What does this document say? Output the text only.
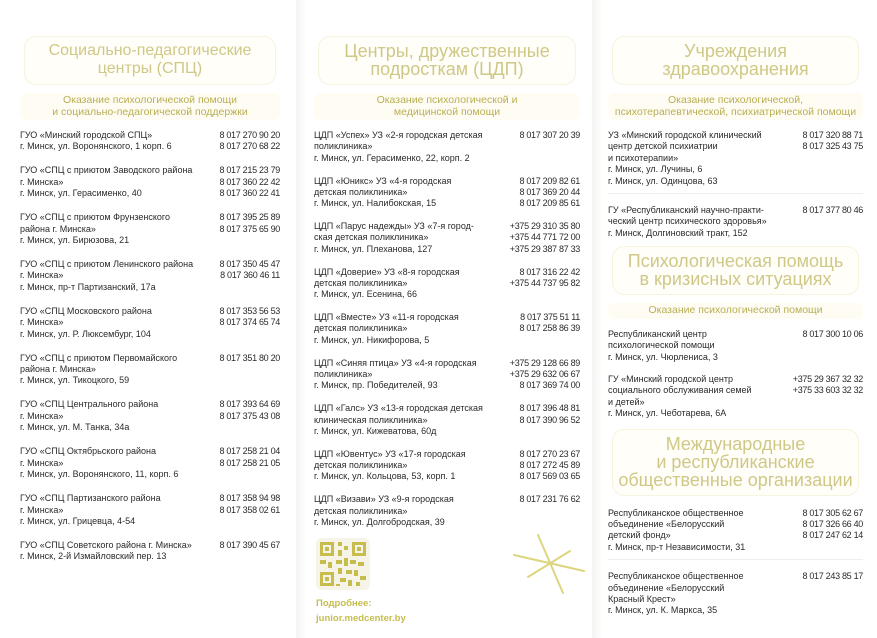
Социально-педагогические
центры (СПЦ)
Оказание психологической помощи
и социально-педагогической поддержки
ГУО «Минский городской СПЦ»
г. Минск, ул. Воронянского, 1 корп. 6
8 017 270 90 20
8 017 270 68 22
ГУО «СПЦ с приютом Заводского района
г. Минска»
г. Минск, ул. Герасименко, 40
8 017 215 23 79
8 017 360 22 42
8 017 360 22 41
ГУО «СПЦ с приютом Фрунзенского
района г. Минска»
г. Минск, ул. Бирюзова, 21
8 017 395 25 89
8 017 375 65 90
ГУО «СПЦ с приютом Ленинского района
г. Минска»
г. Минск, пр-т Партизанский, 17а
8 017 350 45 47
8 017 360 46 11
ГУО «СПЦ Московского района
г. Минска»
г. Минск, ул. Р. Люксембург, 104
8 017 353 56 53
8 017 374 65 74
ГУО «СПЦ с приютом Первомайского
района г. Минска»
г. Минск, ул. Тикоцкого, 59
8 017 351 80 20
ГУО «СПЦ Центрального района
г. Минска»
г. Минск, ул. М. Танка, 34а
8 017 393 64 69
8 017 375 43 08
ГУО «СПЦ Октябрьского района
г. Минска»
г. Минск, ул. Воронянского, 11, корп. 6
8 017 258 21 04
8 017 258 21 05
ГУО «СПЦ Партизанского района
г. Минска»
г. Минск, ул. Грицевца, 4-54
8 017 358 94 98
8 017 358 02 61
ГУО «СПЦ Советского района г. Минска»
г. Минск, 2-й Измайловский пер. 13
8 017 390 45 67
Центры, дружественные
подросткам (ЦДП)
Оказание психологической и
медицинской помощи
ЦДП «Успех» УЗ «2-я городская детская
поликлиника»
г. Минск, ул. Герасименко, 22, корп. 2
8 017 307 20 39
ЦДП «Юникс» УЗ «4-я городская
детская поликлиника»
г. Минск, ул. Налибокская, 15
8 017 209 82 61
8 017 369 20 44
8 017 209 85 61
ЦДП «Парус надежды» УЗ «7-я город-
ская детская поликлиника»
г. Минск, ул. Плеханова, 127
+375 29 310 35 80
+375 44 771 72 00
+375 29 387 87 33
ЦДП «Доверие» УЗ «8-я городская
детская поликлиника»
г. Минск, ул. Есенина, 66
8 017 316 22 42
+375 44 737 95 82
ЦДП «Вместе» УЗ «11-я городская
детская поликлиника»
г. Минск, ул. Никифорова, 5
8 017 375 51 11
8 017 258 86 39
ЦДП «Синяя птица» УЗ «4-я городская
поликлиника»
г. Минск, пр. Победителей, 93
+375 29 128 66 89
+375 29 632 06 67
8 017 369 74 00
ЦДП «Галс» УЗ «13-я городская детская
клиническая поликлиника»
г. Минск, ул. Кижеватова, 60д
8 017 396 48 81
8 017 390 96 52
ЦДП «Ювентус» УЗ «17-я городская
детская поликлиника»
г. Минск, ул. Кольцова, 53, корп. 1
8 017 270 23 67
8 017 272 45 89
8 017 569 03 65
ЦДП «Визави» УЗ «9-я городская
детская поликлиника»
г. Минск, ул. Долгобродская, 39
8 017 231 76 62
Подробнее:
junior.medcenter.by
Учреждения
здравоохранения
Оказание психологической,
психотерапевтической, психиатрической помощи
УЗ «Минский городской клинический
центр детской психиатрии
и психотерапии»
г. Минск, ул. Лучины, 6
г. Минск, ул. Одинцова, 63
8 017 320 88 71
8 017 325 43 75
ГУ «Республиканский научно-практи-
ческий центр психического здоровья»
г. Минск, Долгиновский тракт, 152
8 017 377 80 46
Психологическая помощь
в кризисных ситуациях
Оказание психологической помощи
Республиканский центр
психологической помощи
г. Минск, ул. Чюрлениса, 3
8 017 300 10 06
ГУ «Минский городской центр
социального обслуживания семей
и детей»
г. Минск, ул. Чеботарева, 6А
+375 29 367 32 32
+375 33 603 32 32
Международные
и республиканские
общественные организации
Республиканское общественное
объединение «Белорусский
детский фонд»
г. Минск, пр-т Независимости, 31
8 017 305 62 67
8 017 326 66 40
8 017 247 62 14
Республиканское общественное
объединение «Белорусский
Красный Крест»
г. Минск, ул. К. Маркса, 35
8 017 243 85 17
